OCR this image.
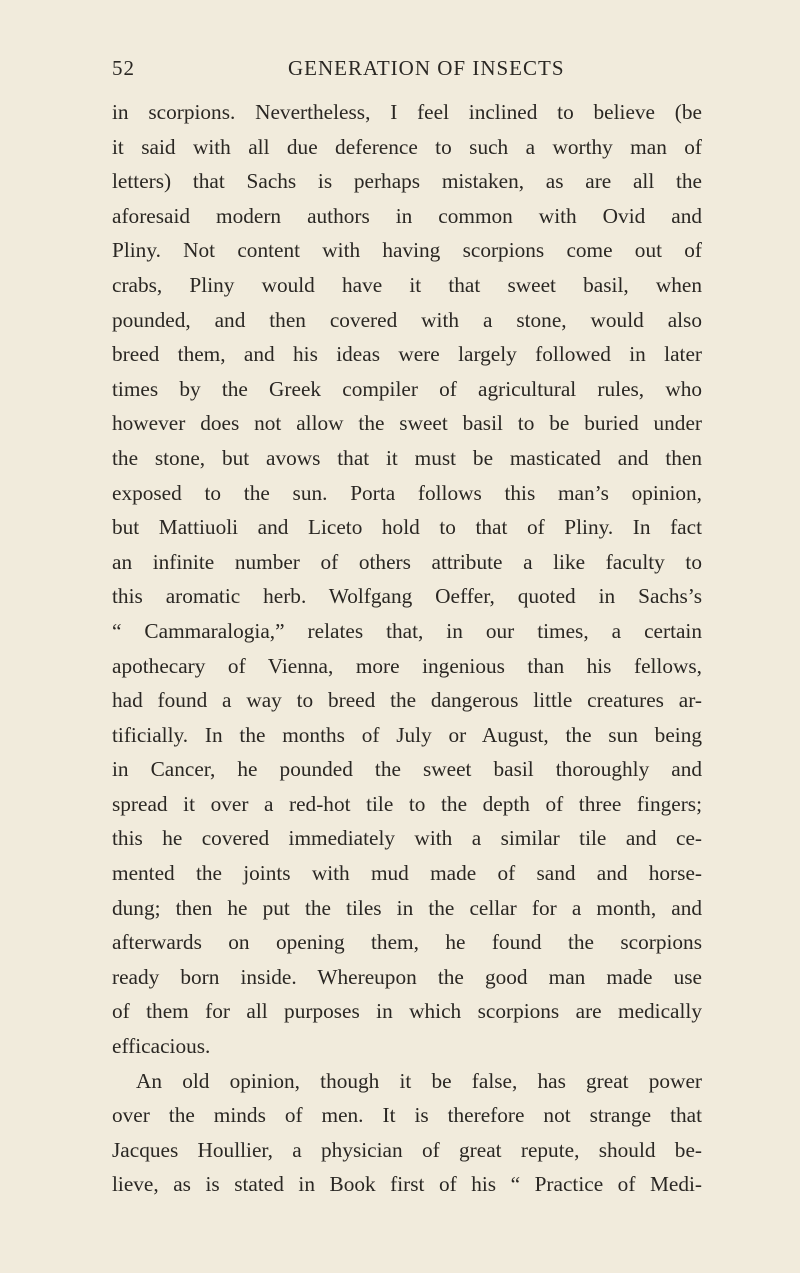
52	GENERATION OF INSECTS
in scorpions. Nevertheless, I feel inclined to believe (be
it said with all due deference to such a worthy man of
letters) that Sachs is perhaps mistaken, as are all the
aforesaid modern authors in common with Ovid and
Pliny. Not content with having scorpions come out of
crabs, Pliny would have it that sweet basil, when
pounded, and then covered with a stone, would also
breed them, and his ideas were largely followed in later
times by the Greek compiler of agricultural rules, who
however does not allow the sweet basil to be buried under
the stone, but avows that it must be masticated and then
exposed to the sun. Porta follows this man’s opinion,
but Mattiuoli and Liceto hold to that of Pliny. In fact
an infinite number of others attribute a like faculty to
this aromatic herb. Wolfgang Oeffer, quoted in Sachs’s
“ Cammaralogia,” relates that, in our times, a certain
apothecary of Vienna, more ingenious than his fellows,
had found a way to breed the dangerous little creatures ar-
tificially. In the months of July or August, the sun being
in Cancer, he pounded the sweet basil thoroughly and
spread it over a red-hot tile to the depth of three fingers;
this he covered immediately with a similar tile and ce-
mented the joints with mud made of sand and horse-
dung; then he put the tiles in the cellar for a month, and
afterwards on opening them, he found the scorpions
ready born inside. Whereupon the good man made use
of them for all purposes in which scorpions are medically
efficacious.
An old opinion, though it be false, has great power
over the minds of men. It is therefore not strange that
Jacques Houllier, a physician of great repute, should be-
lieve, as is stated in Book first of his “ Practice of Medi-
